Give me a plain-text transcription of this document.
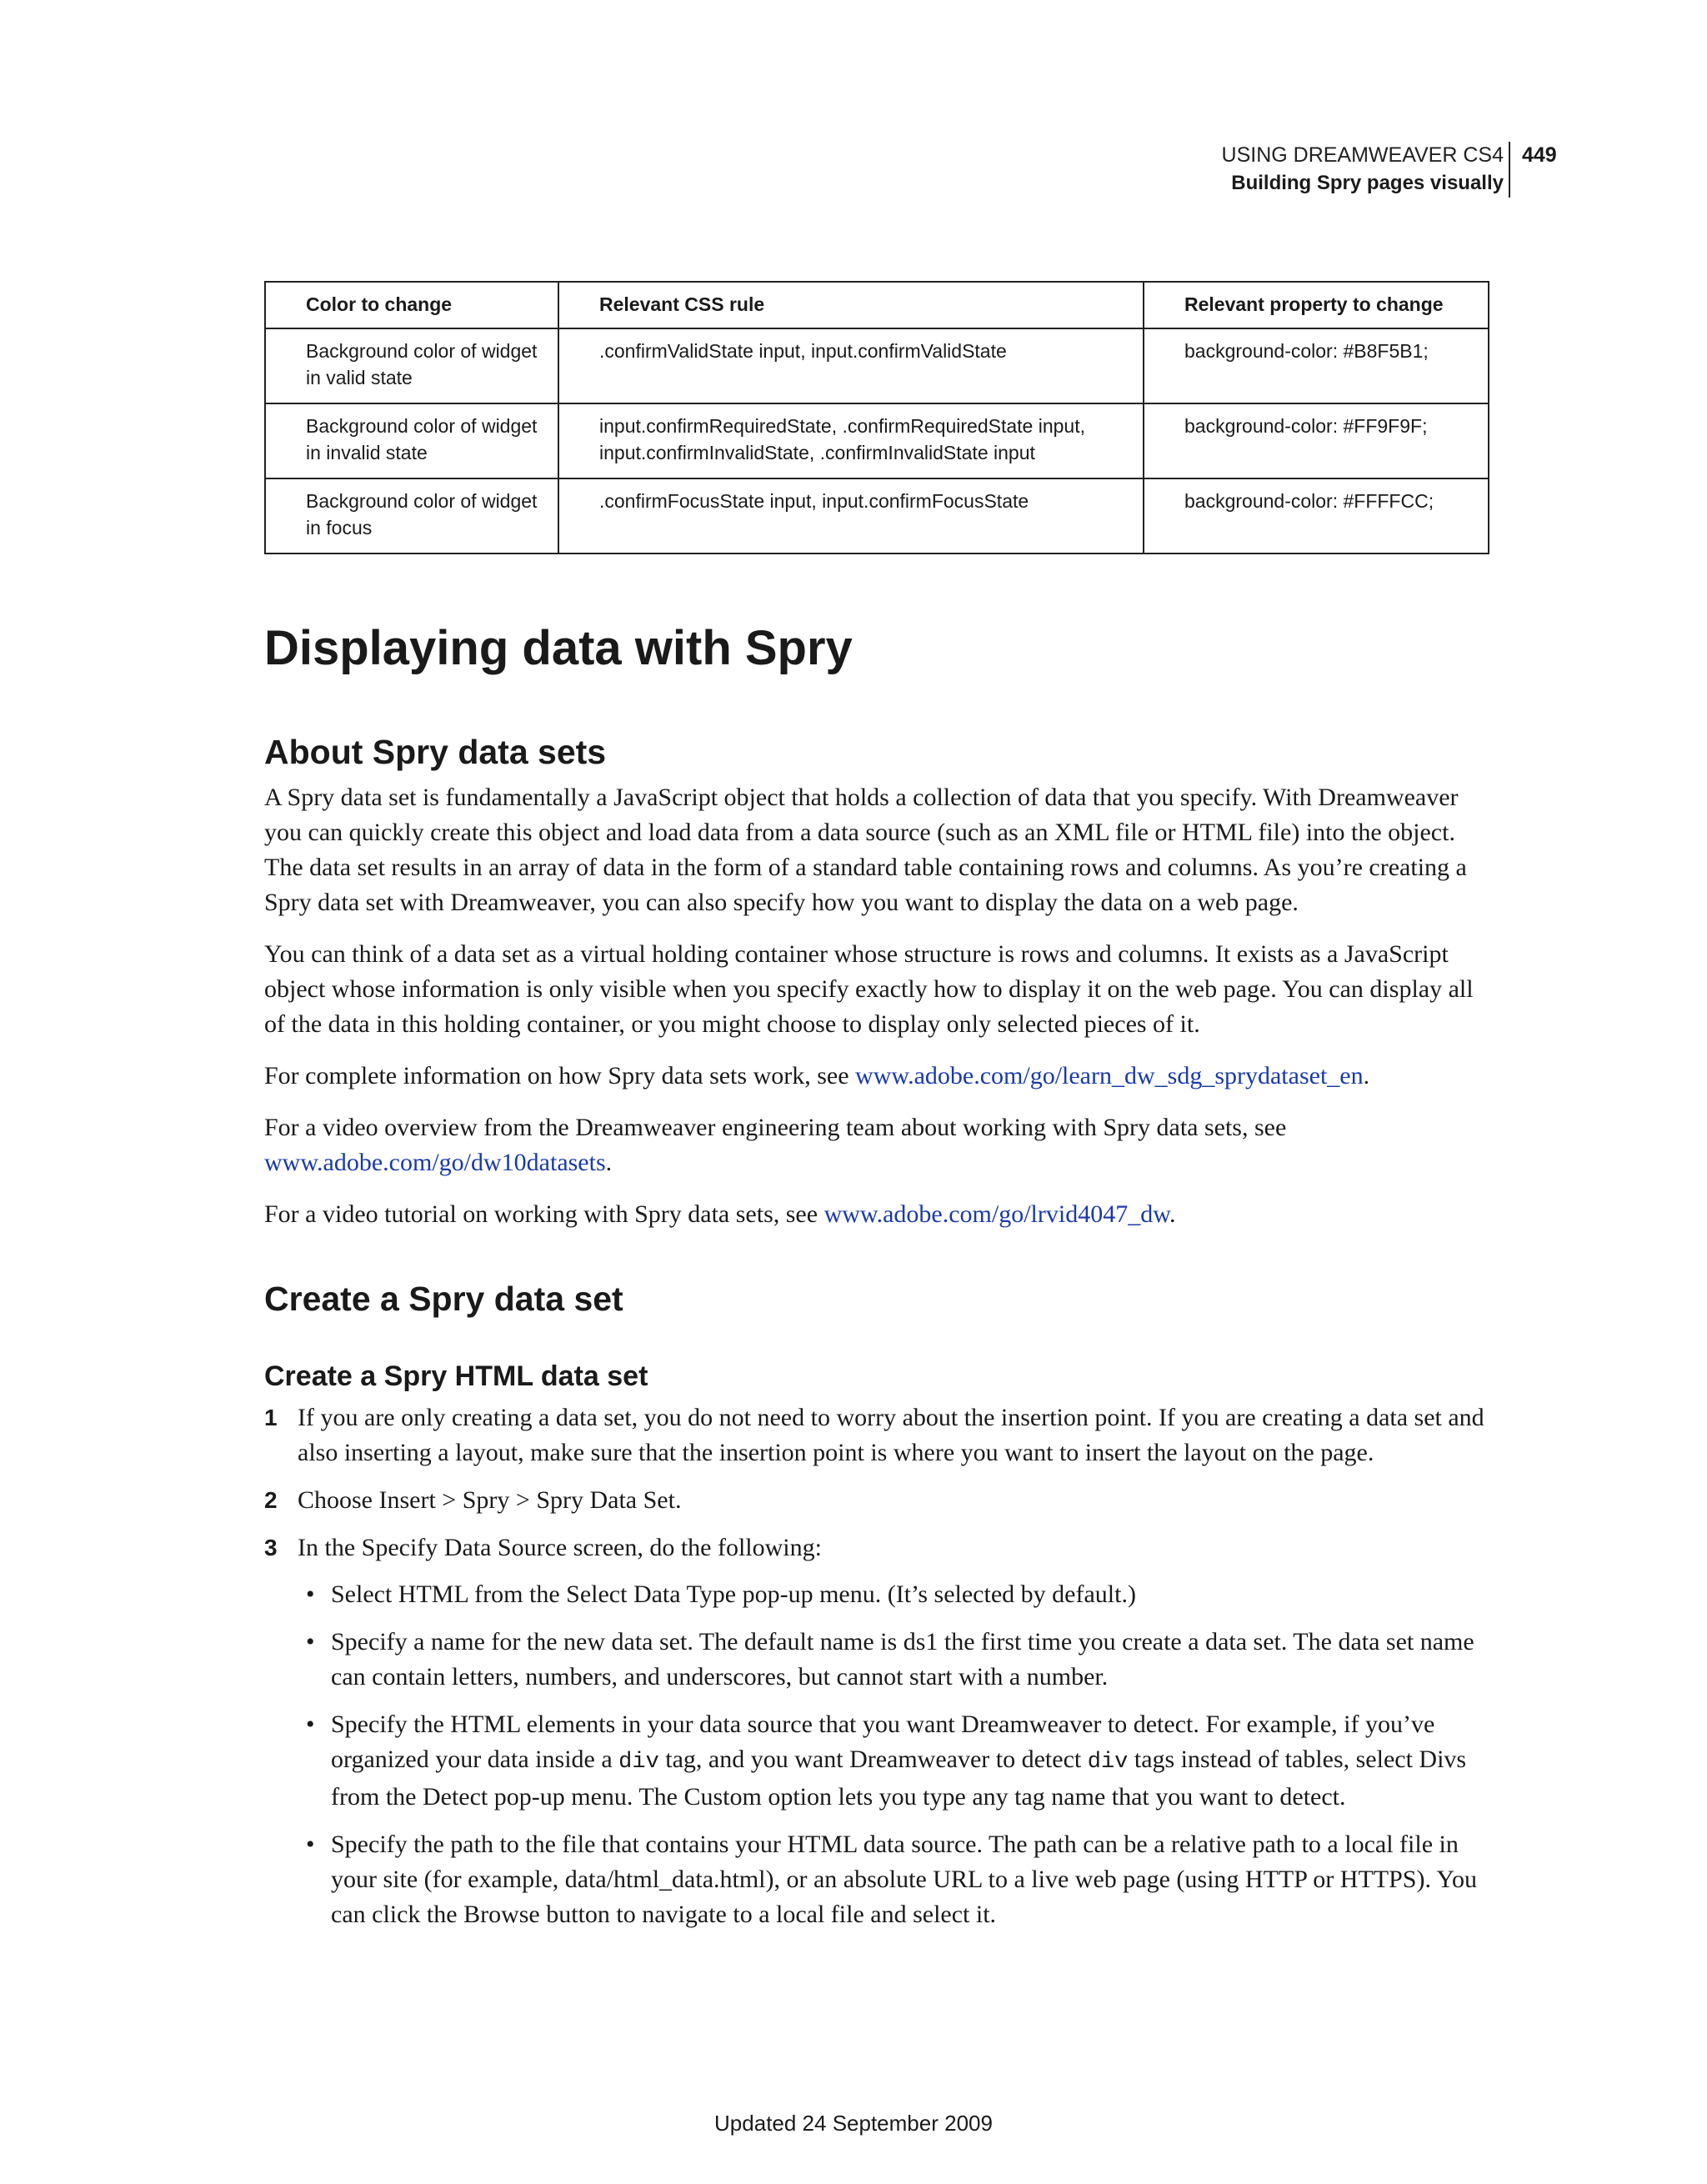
USING DREAMWEAVER CS4
Building Spry pages visually
449
Color to change	Relevant CSS rule	Relevant property to change
Background color of widget in valid state	.confirmValidState input, input.confirmValidState	background-color: #B8F5B1;
Background color of widget in invalid state	input.confirmRequiredState, .confirmRequiredState input, input.confirmInvalidState, .confirmInvalidState input	background-color: #FF9F9F;
Background color of widget in focus	.confirmFocusState input, input.confirmFocusState	background-color: #FFFFCC;
Displaying data with Spry
About Spry data sets

A Spry data set is fundamentally a JavaScript object that holds a collection of data that you specify. With Dreamweaver you can quickly create this object and load data from a data source (such as an XML file or HTML file) into the object. The data set results in an array of data in the form of a standard table containing rows and columns. As you’re creating a Spry data set with Dreamweaver, you can also specify how you want to display the data on a web page.

You can think of a data set as a virtual holding container whose structure is rows and columns. It exists as a JavaScript object whose information is only visible when you specify exactly how to display it on the web page. You can display all of the data in this holding container, or you might choose to display only selected pieces of it.

For complete information on how Spry data sets work, see www.adobe.com/go/learn_dw_sdg_sprydataset_en.

For a video overview from the Dreamweaver engineering team about working with Spry data sets, see www.adobe.com/go/dw10datasets.

For a video tutorial on working with Spry data sets, see www.adobe.com/go/lrvid4047_dw.

Create a Spry data set
Create a Spry HTML data set
1 If you are only creating a data set, you do not need to worry about the insertion point. If you are creating a data set and also inserting a layout, make sure that the insertion point is where you want to insert the layout on the page.
2 Choose Insert > Spry > Spry Data Set.
3 In the Specify Data Source screen, do the following:
• Select HTML from the Select Data Type pop-up menu. (It’s selected by default.)
• Specify a name for the new data set. The default name is ds1 the first time you create a data set. The data set name can contain letters, numbers, and underscores, but cannot start with a number.
• Specify the HTML elements in your data source that you want Dreamweaver to detect. For example, if you’ve organized your data inside a div tag, and you want Dreamweaver to detect div tags instead of tables, select Divs from the Detect pop-up menu. The Custom option lets you type any tag name that you want to detect.
• Specify the path to the file that contains your HTML data source. The path can be a relative path to a local file in your site (for example, data/html_data.html), or an absolute URL to a live web page (using HTTP or HTTPS). You can click the Browse button to navigate to a local file and select it.
Updated 24 September 2009
